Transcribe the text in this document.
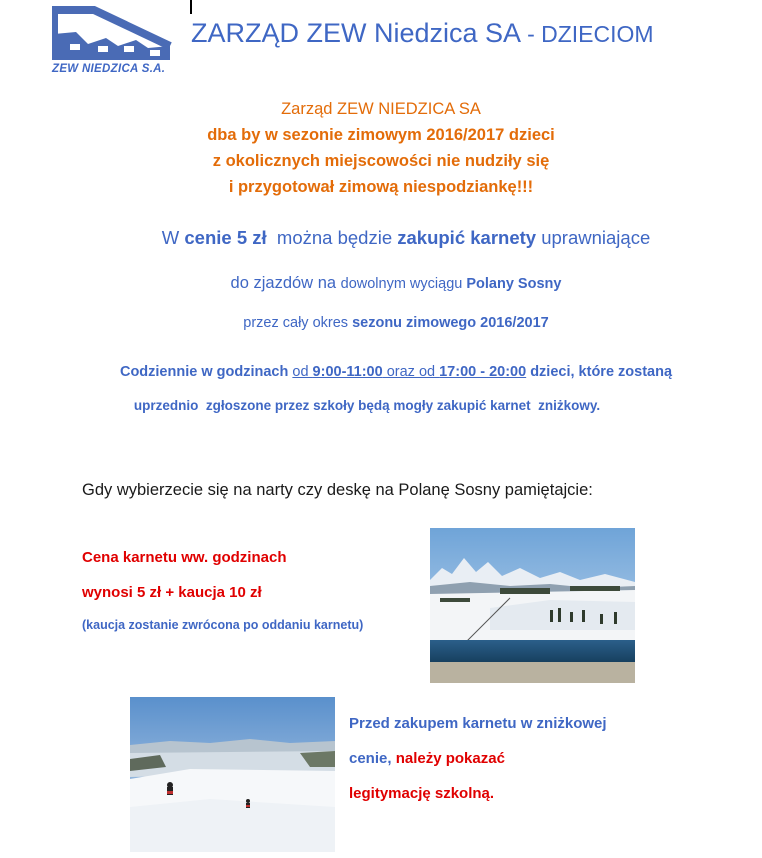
ZEW NIEDZICA S.A.
ZARZĄD ZEW Niedzica SA - DZIECIOM
Zarząd ZEW NIEDZICA SA
dba by w sezonie zimowym 2016/2017 dzieci
z okolicznych miejscowości nie nudziły się
i przygotował zimową niespodziankę!!!
W cenie 5 zł  można będzie zakupić karnety uprawniające
do zjazdów na dowolnym wyciągu Polany Sosny
przez cały okres sezonu zimowego 2016/2017
Codziennie w godzinach od 9:00-11:00 oraz od 17:00 - 20:00 dzieci, które zostaną
uprzednio  zgłoszone przez szkoły będą mogły zakupić karnet  zniżkowy.
Gdy wybierzecie się na narty czy deskę na Polanę Sosny pamiętajcie:
Cena karnetu ww. godzinach
wynosi 5 zł + kaucja 10 zł
(kaucja zostanie zwrócona po oddaniu karnetu)
Przed zakupem karnetu w zniżkowej
cenie, należy pokazać
legitymację szkolną.
